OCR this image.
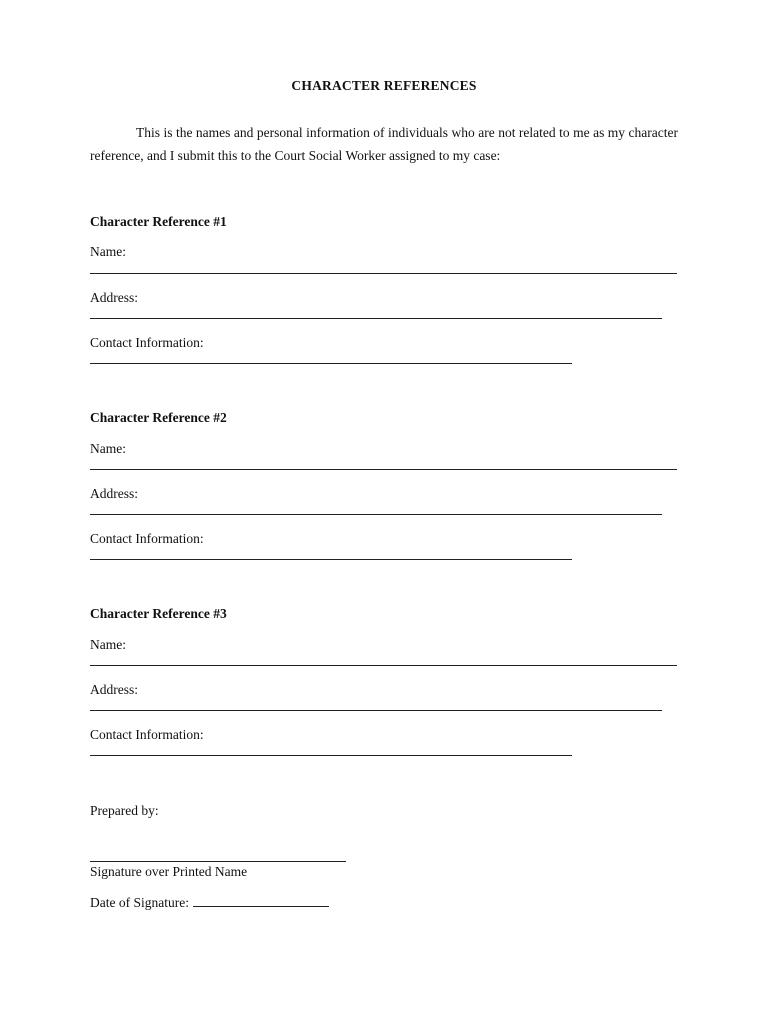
CHARACTER REFERENCES
This is the names and personal information of individuals who are not related to me as my character reference, and I submit this to the Court Social Worker assigned to my case:
Character Reference #1
Name:
Address:
Contact Information:
Character Reference #2
Name:
Address:
Contact Information:
Character Reference #3
Name:
Address:
Contact Information:
Prepared by:
Signature over Printed Name
Date of Signature:
